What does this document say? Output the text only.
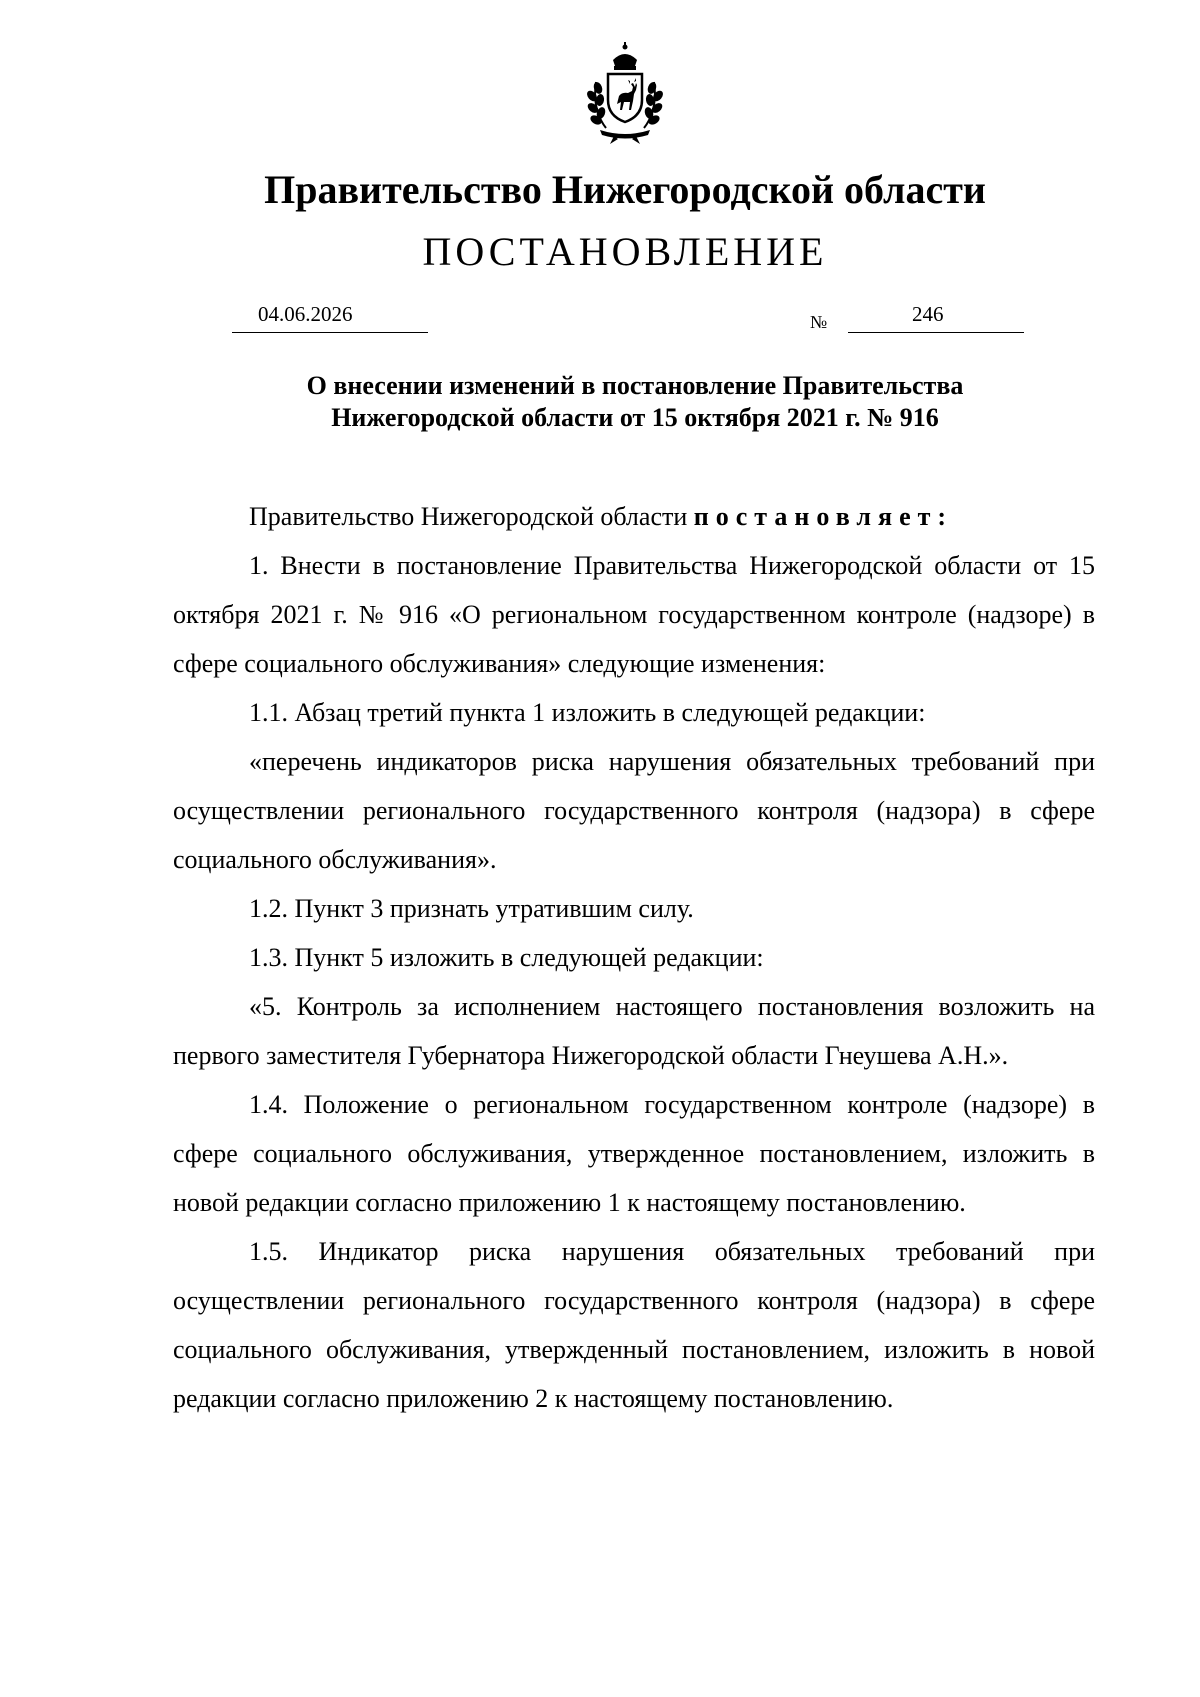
Правительство Нижегородской области
ПОСТАНОВЛЕНИЕ
04.06.2026	№	246
О внесении изменений в постановление Правительства
Нижегородской области от 15 октября 2021 г. № 916

Правительство Нижегородской области постановляет:

1. Внести в постановление Правительства Нижегородской области от 15 октября 2021 г. № 916 «О региональном государственном контроле (надзоре) в сфере социального обслуживания» следующие изменения:

1.1. Абзац третий пункта 1 изложить в следующей редакции:

«перечень индикаторов риска нарушения обязательных требований при осуществлении регионального государственного контроля (надзора) в сфере социального обслуживания».

1.2. Пункт 3 признать утратившим силу.

1.3. Пункт 5 изложить в следующей редакции:

«5. Контроль за исполнением настоящего постановления возложить на первого заместителя Губернатора Нижегородской области Гнеушева А.Н.».

1.4. Положение о региональном государственном контроле (надзоре) в сфере социального обслуживания, утвержденное постановлением, изложить в новой редакции согласно приложению 1 к настоящему постановлению.

1.5. Индикатор риска нарушения обязательных требований при осуществлении регионального государственного контроля (надзора) в сфере социального обслуживания, утвержденный постановлением, изложить в новой редакции согласно приложению 2 к настоящему постановлению.
